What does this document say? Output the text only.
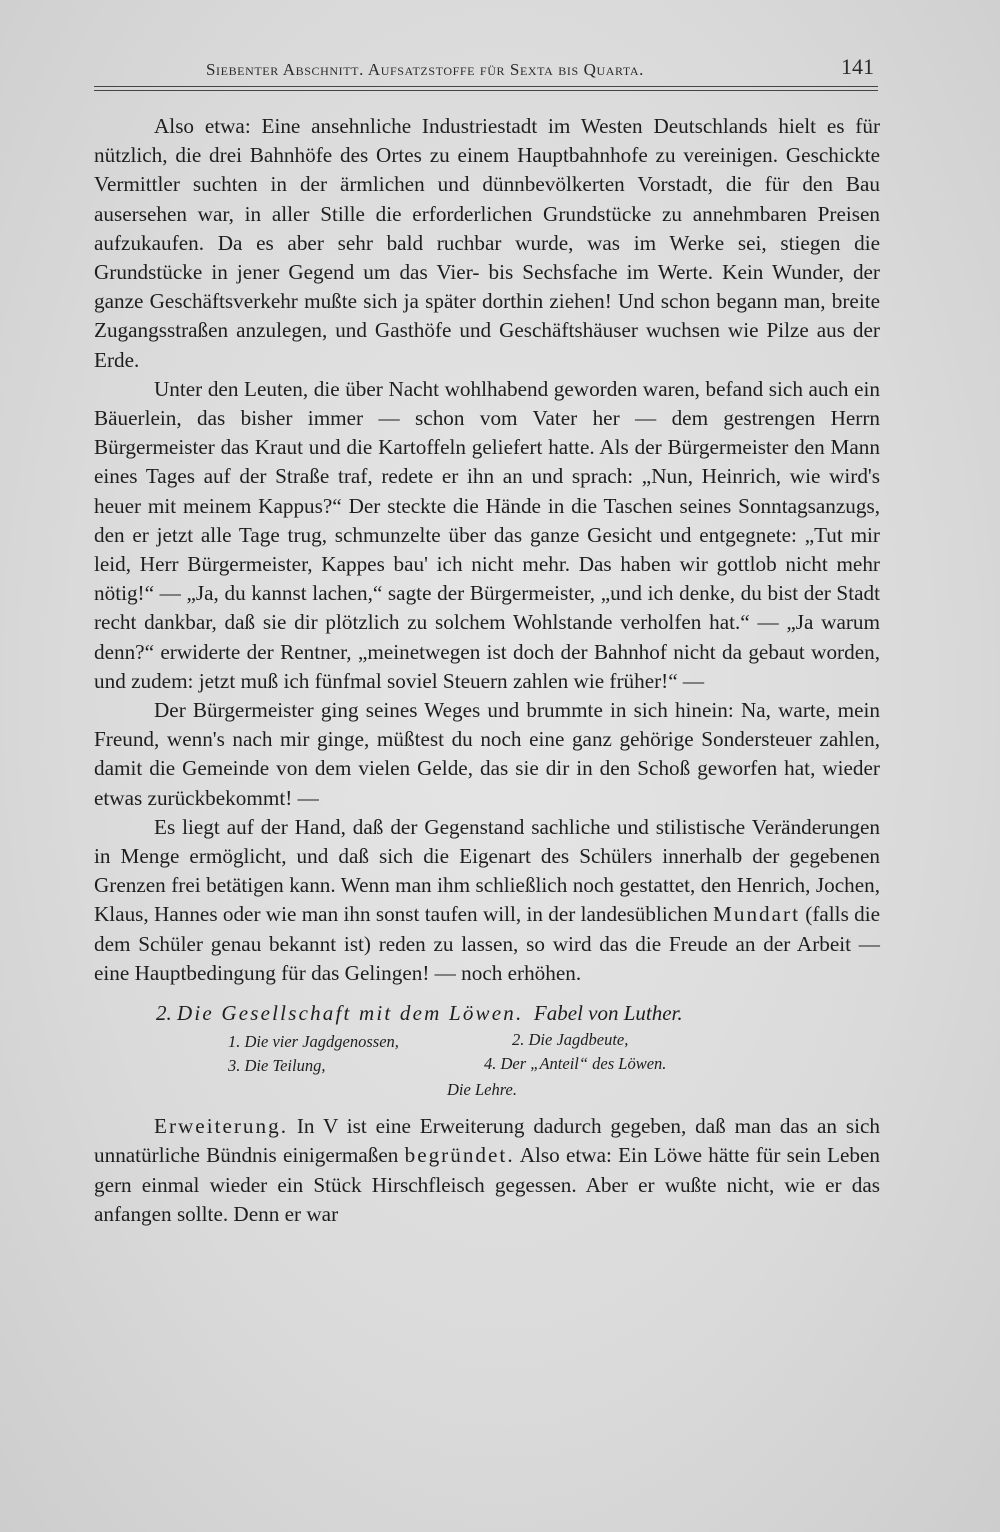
Siebenter Abschnitt. Aufsatzstoffe für Sexta bis Quarta.	141

Also etwa: Eine ansehnliche Industriestadt im Westen Deutschlands hielt es für nützlich, die drei Bahnhöfe des Ortes zu einem Hauptbahnhofe zu vereinigen. Geschickte Vermittler suchten in der ärmlichen und dünnbevölkerten Vorstadt, die für den Bau ausersehen war, in aller Stille die erforderlichen Grundstücke zu annehmbaren Preisen aufzukaufen. Da es aber sehr bald ruchbar wurde, was im Werke sei, stiegen die Grundstücke in jener Gegend um das Vier- bis Sechsfache im Werte. Kein Wunder, der ganze Geschäftsverkehr mußte sich ja später dorthin ziehen! Und schon begann man, breite Zugangsstraßen anzulegen, und Gasthöfe und Geschäftshäuser wuchsen wie Pilze aus der Erde.

Unter den Leuten, die über Nacht wohlhabend geworden waren, befand sich auch ein Bäuerlein, das bisher immer — schon vom Vater her — dem gestrengen Herrn Bürgermeister das Kraut und die Kartoffeln geliefert hatte. Als der Bürgermeister den Mann eines Tages auf der Straße traf, redete er ihn an und sprach: „Nun, Heinrich, wie wird's heuer mit meinem Kappus?“ Der steckte die Hände in die Taschen seines Sonntagsanzugs, den er jetzt alle Tage trug, schmunzelte über das ganze Gesicht und entgegnete: „Tut mir leid, Herr Bürgermeister, Kappes bau' ich nicht mehr. Das haben wir gottlob nicht mehr nötig!“ — „Ja, du kannst lachen,“ sagte der Bürgermeister, „und ich denke, du bist der Stadt recht dankbar, daß sie dir plötzlich zu solchem Wohlstande verholfen hat.“ — „Ja warum denn?“ erwiderte der Rentner, „meinetwegen ist doch der Bahnhof nicht da gebaut worden, und zudem: jetzt muß ich fünfmal soviel Steuern zahlen wie früher!“ —

Der Bürgermeister ging seines Weges und brummte in sich hinein: Na, warte, mein Freund, wenn's nach mir ginge, müßtest du noch eine ganz gehörige Sondersteuer zahlen, damit die Gemeinde von dem vielen Gelde, das sie dir in den Schoß geworfen hat, wieder etwas zurückbekommt! —

Es liegt auf der Hand, daß der Gegenstand sachliche und stilistische Veränderungen in Menge ermöglicht, und daß sich die Eigenart des Schülers innerhalb der gegebenen Grenzen frei betätigen kann. Wenn man ihm schließlich noch gestattet, den Henrich, Jochen, Klaus, Hannes oder wie man ihn sonst taufen will, in der landesüblichen Mundart (falls die dem Schüler genau bekannt ist) reden zu lassen, so wird das die Freude an der Arbeit — eine Hauptbedingung für das Gelingen! — noch erhöhen.

2. Die Gesellschaft mit dem Löwen. Fabel von Luther.
1. Die vier Jagdgenossen,	2. Die Jagdbeute,
3. Die Teilung,	4. Der „Anteil“ des Löwen.
Die Lehre.

Erweiterung. In V ist eine Erweiterung dadurch gegeben, daß man das an sich unnatürliche Bündnis einigermaßen begründet. Also etwa: Ein Löwe hätte für sein Leben gern einmal wieder ein Stück Hirschfleisch gegessen. Aber er wußte nicht, wie er das anfangen sollte. Denn er war
